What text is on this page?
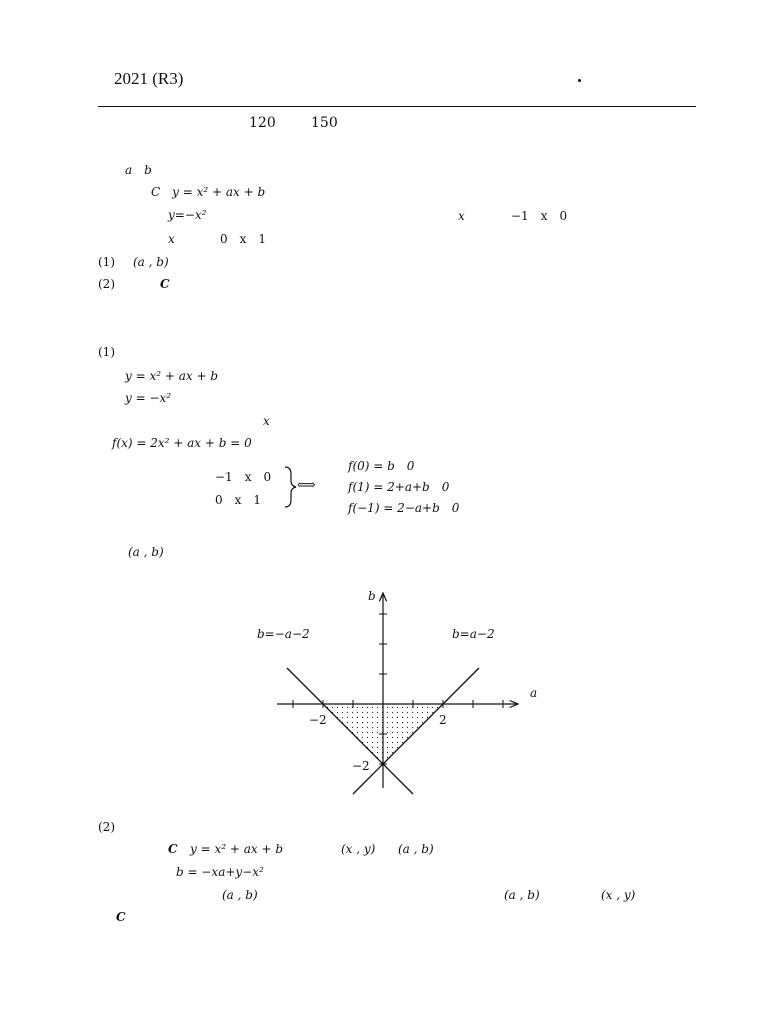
2021 (R3)
120	150
a　b
C　y = x² + ax + b
y=−x²	x	−1　x　0
x	0　x　1
(1) (a , b)
(2)	C
(1)
y = x² + ax + b
y = −x²
x
f(x) = 2x² + ax + b = 0
−1　x　0
0　x　1
⟺
f(0) = b　0
f(1) = 2+a+b　0
f(−1) = 2−a+b　0
(a , b)
b=−a−2	b=a−2
a
b
−2	2
−2
(2)
C y = x² + ax + b	(x , y) (a , b)
b = −xa+y−x²
(a , b)	(a , b)	(x , y)
C
